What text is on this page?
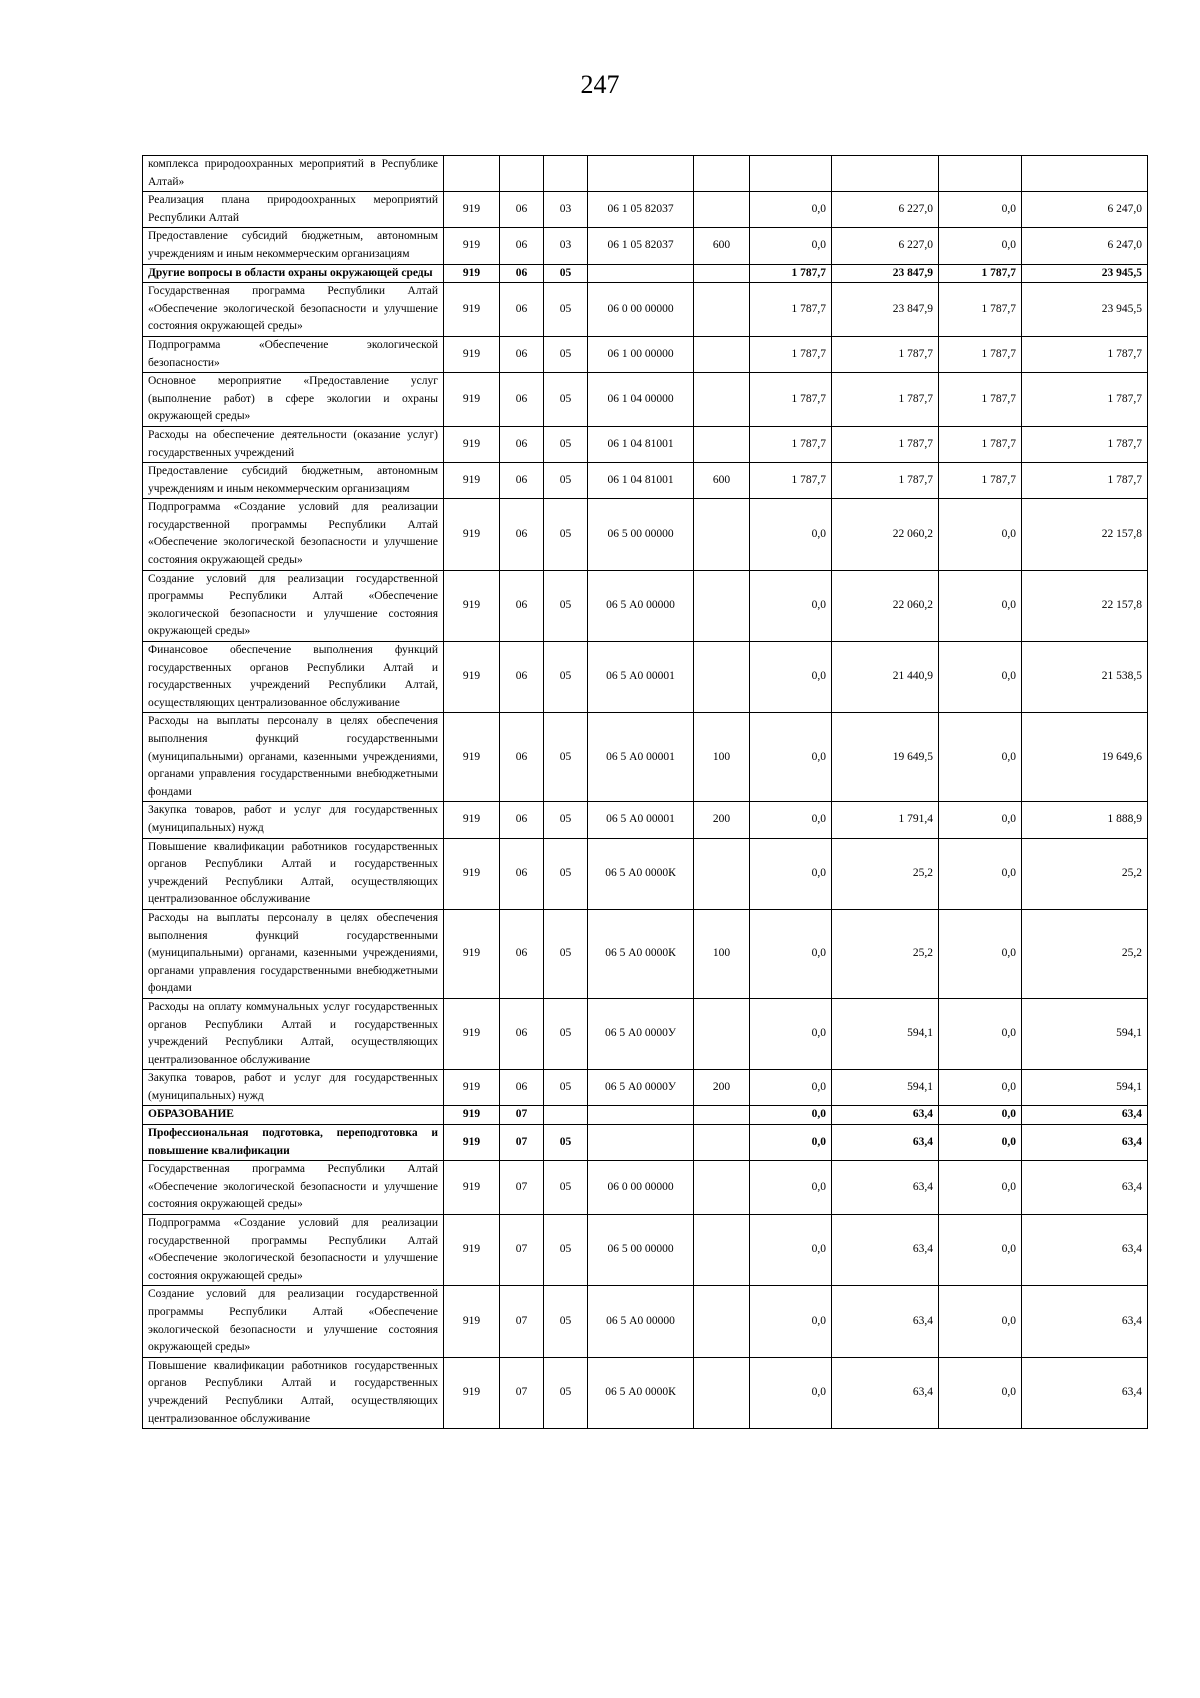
247
комплекса природоохранных мероприятий в Республике Алтай»									
Реализация плана природоохранных мероприятий Республики Алтай	919	06	03	06 1 05 82037		0,0	6 227,0	0,0	6 247,0
Предоставление субсидий бюджетным, автономным учреждениям и иным некоммерческим организациям	919	06	03	06 1 05 82037	600	0,0	6 227,0	0,0	6 247,0
Другие вопросы в области охраны окружающей среды	919	06	05			1 787,7	23 847,9	1 787,7	23 945,5
Государственная программа Республики Алтай «Обеспечение экологической безопасности и улучшение состояния окружающей среды»	919	06	05	06 0 00 00000		1 787,7	23 847,9	1 787,7	23 945,5
Подпрограмма «Обеспечение экологической безопасности»	919	06	05	06 1 00 00000		1 787,7	1 787,7	1 787,7	1 787,7
Основное мероприятие «Предоставление услуг (выполнение работ) в сфере экологии и охраны окружающей среды»	919	06	05	06 1 04 00000		1 787,7	1 787,7	1 787,7	1 787,7
Расходы на обеспечение деятельности (оказание услуг) государственных учреждений	919	06	05	06 1 04 81001		1 787,7	1 787,7	1 787,7	1 787,7
Предоставление субсидий бюджетным, автономным учреждениям и иным некоммерческим организациям	919	06	05	06 1 04 81001	600	1 787,7	1 787,7	1 787,7	1 787,7
Подпрограмма «Создание условий для реализации государственной программы Республики Алтай «Обеспечение экологической безопасности и улучшение состояния окружающей среды»	919	06	05	06 5 00 00000		0,0	22 060,2	0,0	22 157,8
Создание условий для реализации государственной программы Республики Алтай «Обеспечение экологической безопасности и улучшение состояния окружающей среды»	919	06	05	06 5 А0 00000		0,0	22 060,2	0,0	22 157,8
Финансовое обеспечение выполнения функций государственных органов Республики Алтай и государственных учреждений Республики Алтай, осуществляющих централизованное обслуживание	919	06	05	06 5 А0 00001		0,0	21 440,9	0,0	21 538,5
Расходы на выплаты персоналу в целях обеспечения выполнения функций государственными (муниципальными) органами, казенными учреждениями, органами управления государственными внебюджетными фондами	919	06	05	06 5 А0 00001	100	0,0	19 649,5	0,0	19 649,6
Закупка товаров, работ и услуг для государственных (муниципальных) нужд	919	06	05	06 5 А0 00001	200	0,0	1 791,4	0,0	1 888,9
Повышение квалификации работников государственных органов Республики Алтай и государственных учреждений Республики Алтай, осуществляющих централизованное обслуживание	919	06	05	06 5 А0 0000К		0,0	25,2	0,0	25,2
Расходы на выплаты персоналу в целях обеспечения выполнения функций государственными (муниципальными) органами, казенными учреждениями, органами управления государственными внебюджетными фондами	919	06	05	06 5 А0 0000К	100	0,0	25,2	0,0	25,2
Расходы на оплату коммунальных услуг государственных органов Республики Алтай и государственных учреждений Республики Алтай, осуществляющих централизованное обслуживание	919	06	05	06 5 А0 0000У		0,0	594,1	0,0	594,1
Закупка товаров, работ и услуг для государственных (муниципальных) нужд	919	06	05	06 5 А0 0000У	200	0,0	594,1	0,0	594,1
ОБРАЗОВАНИЕ	919	07				0,0	63,4	0,0	63,4
Профессиональная подготовка, переподготовка и повышение квалификации	919	07	05			0,0	63,4	0,0	63,4
Государственная программа Республики Алтай «Обеспечение экологической безопасности и улучшение состояния окружающей среды»	919	07	05	06 0 00 00000		0,0	63,4	0,0	63,4
Подпрограмма «Создание условий для реализации государственной программы Республики Алтай «Обеспечение экологической безопасности и улучшение состояния окружающей среды»	919	07	05	06 5 00 00000		0,0	63,4	0,0	63,4
Создание условий для реализации государственной программы Республики Алтай «Обеспечение экологической безопасности и улучшение состояния окружающей среды»	919	07	05	06 5 А0 00000		0,0	63,4	0,0	63,4
Повышение квалификации работников государственных органов Республики Алтай и государственных учреждений Республики Алтай, осуществляющих централизованное обслуживание	919	07	05	06 5 А0 0000К		0,0	63,4	0,0	63,4
